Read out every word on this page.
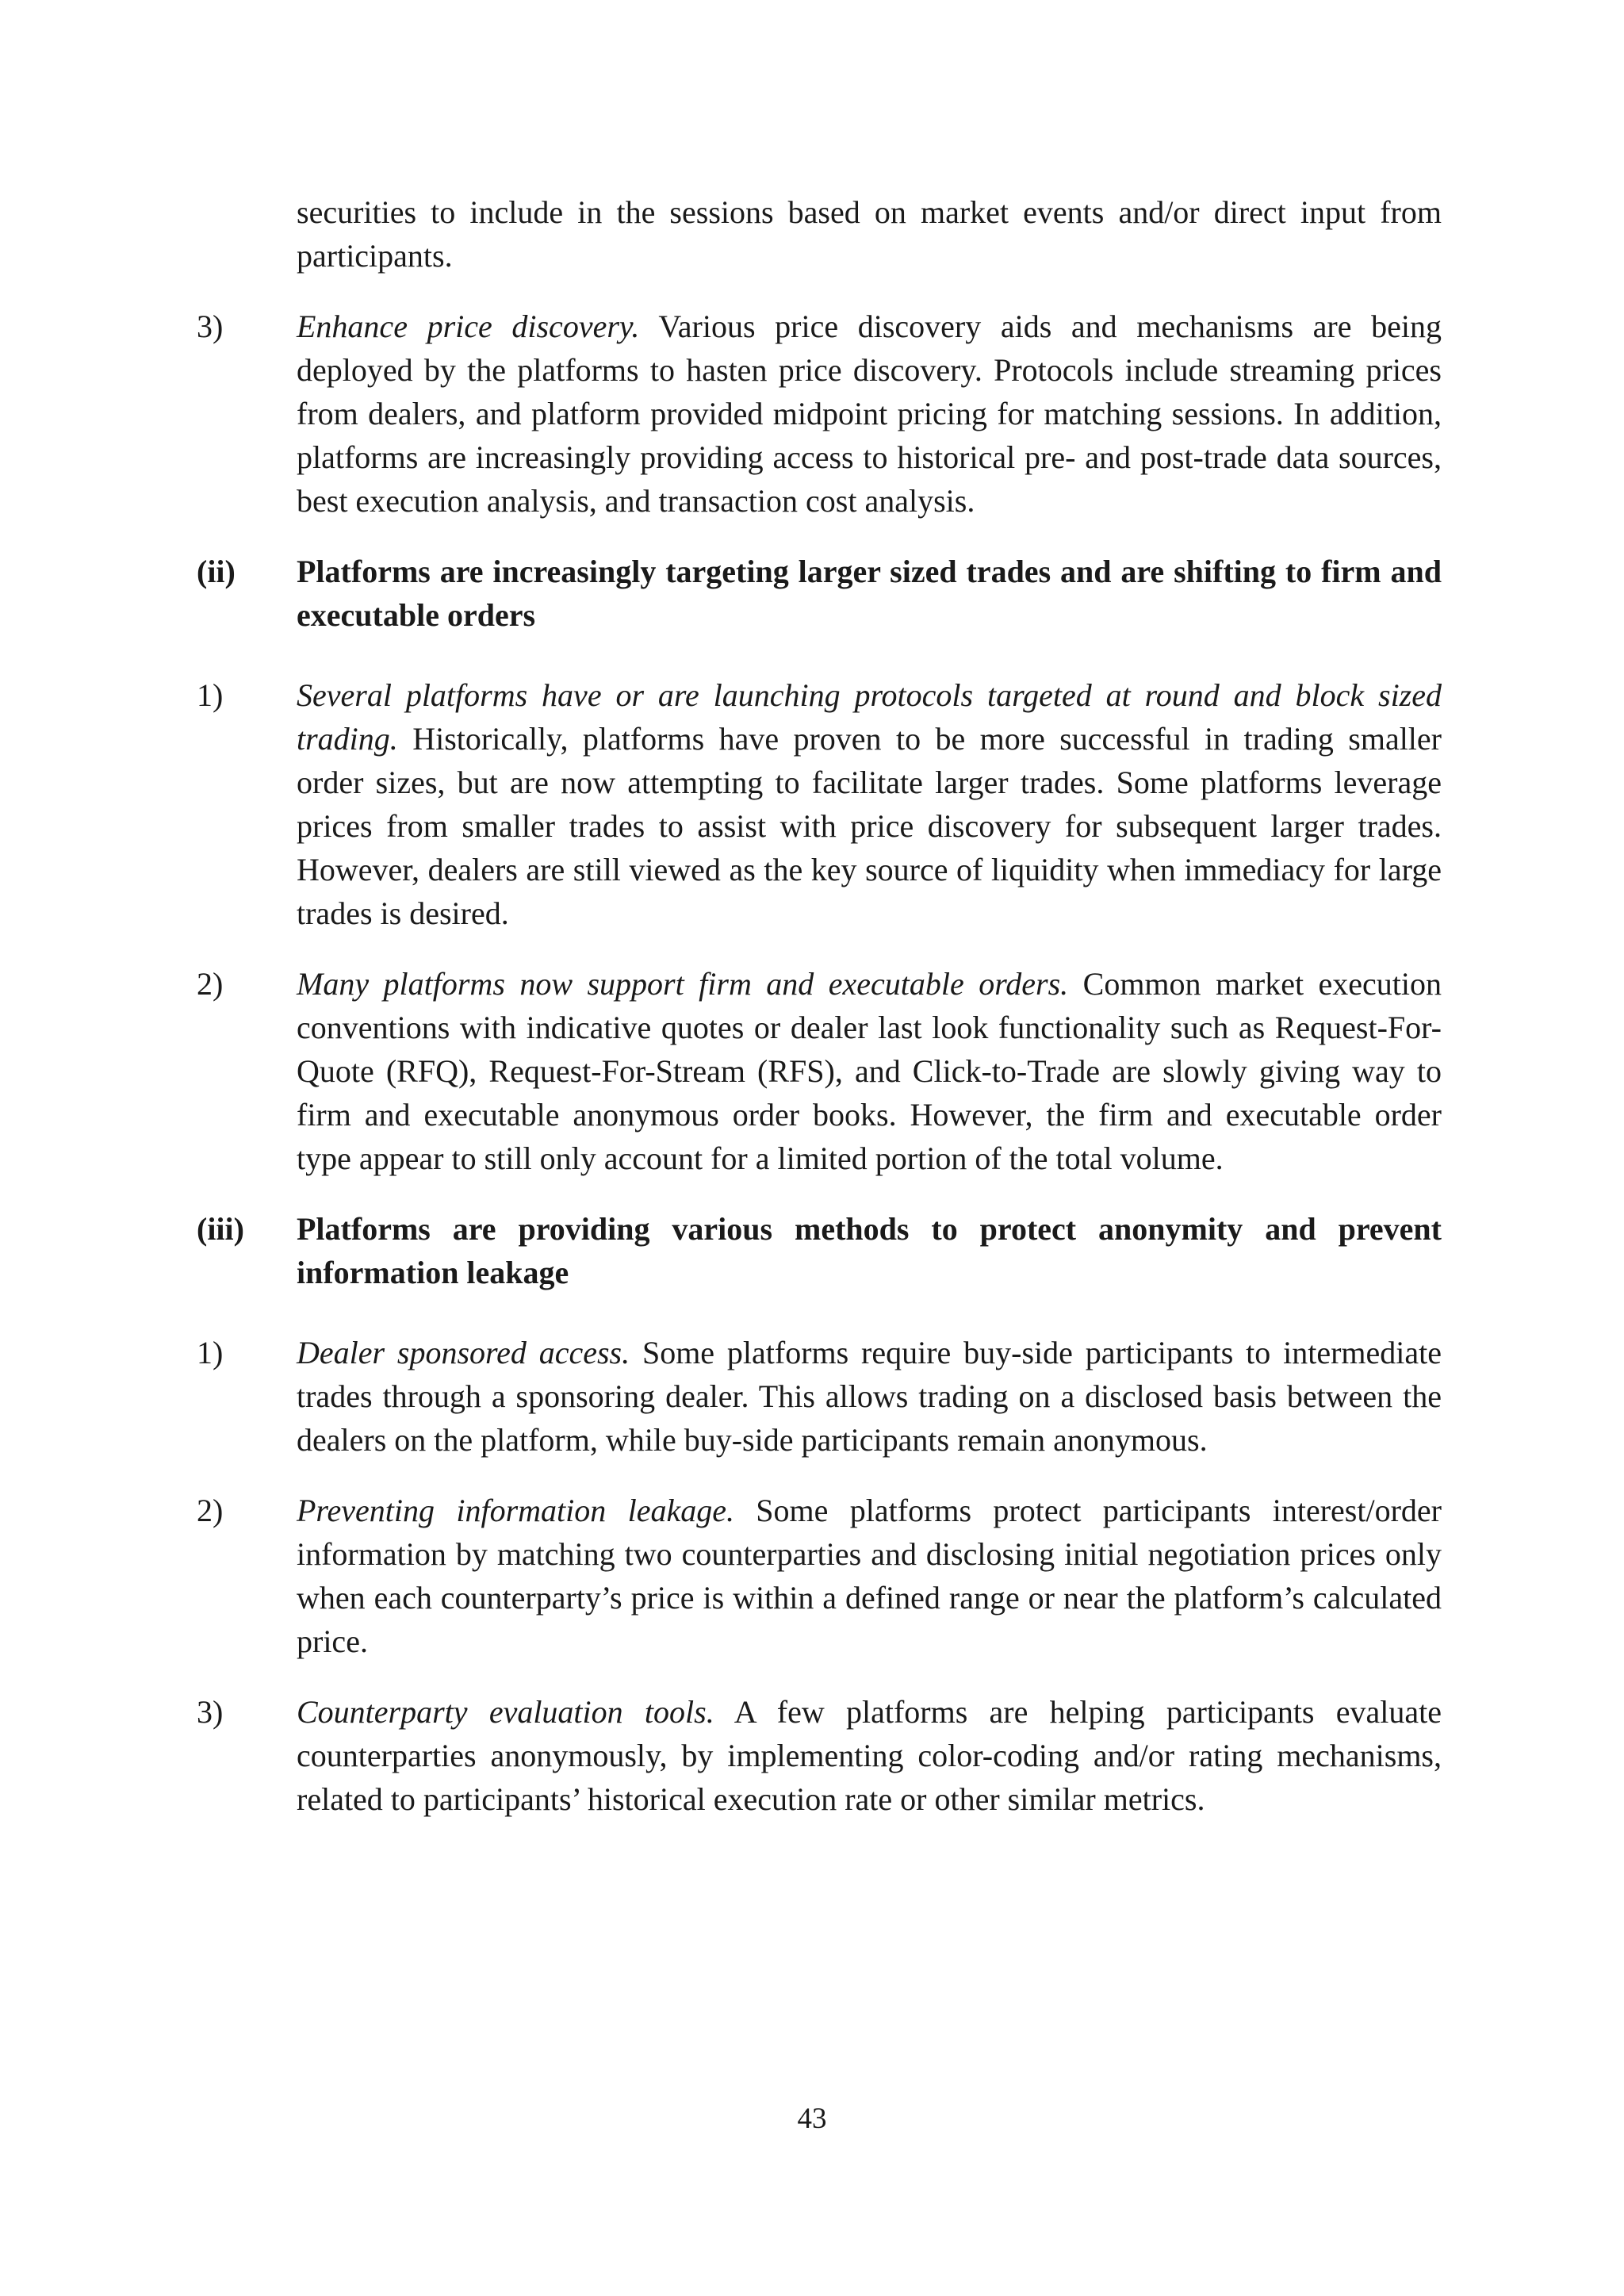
securities to include in the sessions based on market events and/or direct input from participants.
3)	Enhance price discovery. Various price discovery aids and mechanisms are being deployed by the platforms to hasten price discovery. Protocols include streaming prices from dealers, and platform provided midpoint pricing for matching sessions. In addition, platforms are increasingly providing access to historical pre- and post-trade data sources, best execution analysis, and transaction cost analysis.
(ii)	Platforms are increasingly targeting larger sized trades and are shifting to firm and executable orders
1)	Several platforms have or are launching protocols targeted at round and block sized trading. Historically, platforms have proven to be more successful in trading smaller order sizes, but are now attempting to facilitate larger trades. Some platforms leverage prices from smaller trades to assist with price discovery for subsequent larger trades. However, dealers are still viewed as the key source of liquidity when immediacy for large trades is desired.
2)	Many platforms now support firm and executable orders. Common market execution conventions with indicative quotes or dealer last look functionality such as Request-For-Quote (RFQ), Request-For-Stream (RFS), and Click-to-Trade are slowly giving way to firm and executable anonymous order books. However, the firm and executable order type appear to still only account for a limited portion of the total volume.
(iii)	Platforms are providing various methods to protect anonymity and prevent information leakage
1)	Dealer sponsored access. Some platforms require buy-side participants to intermediate trades through a sponsoring dealer. This allows trading on a disclosed basis between the dealers on the platform, while buy-side participants remain anonymous.
2)	Preventing information leakage. Some platforms protect participants interest/order information by matching two counterparties and disclosing initial negotiation prices only when each counterparty’s price is within a defined range or near the platform’s calculated price.
3)	Counterparty evaluation tools. A few platforms are helping participants evaluate counterparties anonymously, by implementing color-coding and/or rating mechanisms, related to participants’ historical execution rate or other similar metrics.
43
